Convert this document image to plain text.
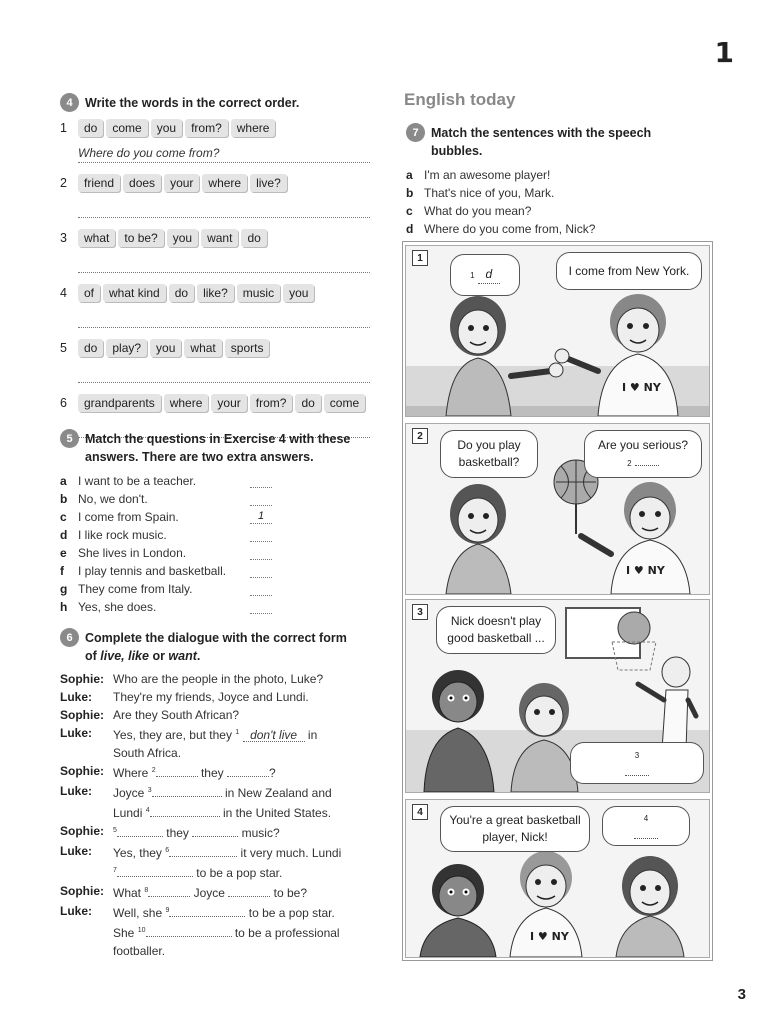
1
4 Write the words in the correct order.
1	do	come	you	from?	where
Where do you come from?
2	friend	does	your	where	live?
3	what	to be?	you	want	do
4	of	what kind	do	like?	music	you
5	do	play?	you	what	sports
6	grandparents	where	your	from?	do	come
5 Match the questions in Exercise 4 with these
answers. There are two extra answers.
a I want to be a teacher.
b No, we don't.
c I come from Spain.	1
d I like rock music.
e She lives in London.
f	I play tennis and basketball.
g They come from Italy.
h Yes, she does.
6 Complete the dialogue with the correct form
of live, like or want.
Sophie: Who are the people in the photo, Luke?
Luke:	They're my friends, Joyce and Lundi.
Sophie: Are they South African?
Luke:	Yes, they are, but they $^1$ don't live in
South Africa.
Sophie: Where $^2$	they	?
Luke:	Joyce $^3$	in New Zealand and
Lundi $^4$	in the United States.
Sophie:	$^5$	they	music?
Luke:	Yes, they $^6$	it very much. Lundi
$^7$	to be a pop star.
Sophie: What $^8$	Joyce	to be?
Luke:	Well, she $^9$	to be a pop star.
She $^{10}$	to be a professional
footballer.
English today
7 Match the sentences with the speech
bubbles.
a I'm an awesome player!
b That's nice of you, Mark.
c What do you mean?
d Where do you come from, Nick?
1
I ♥ NY
1
d	I come from New York.
2
I ♥ NY
Do you play
basketball?
Are you serious?
2
3
Nick doesn't play
good basketball ...
3

4
I ♥ NY
You're a great basketball
player, Nick!
4

3
